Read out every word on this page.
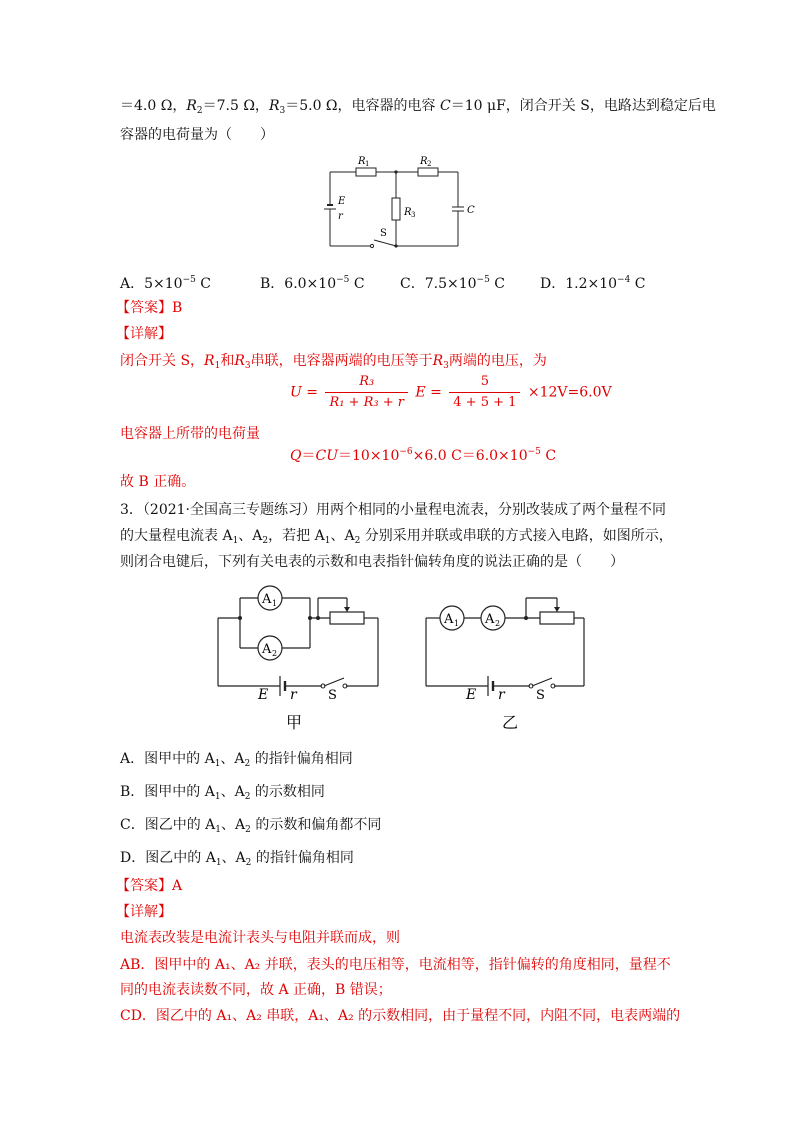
＝4.0 Ω，$R_2=7.5$ Ω，$R_3=5.0$ Ω，电容器的电容 C＝10 μF，闭合开关 S，电路达到稳定后电
容器的电荷量为（　　）
R 1	R 2
R 3
E
r
S
C
A．$5\times 10^{-5}$ C	B．$6.0\times 10^{-5}$ C	C．$7.5\times 10^{-5}$ C	D．$1.2\times 10^{-4}$ C
【答案】B
【详解】
闭合开关 S，$R_1$和$R_3$串联，电容器两端的电压等于$R_3$两端的电压，为
$U = \frac{\text{R₃}}{\text{R₁ + R₃ + r}}$ $E = \frac{5}{4 + 5 + 1} \times 12V=6.0V$
电容器上所带的电荷量
$Q=CU=10\times 10^{-6}\times 6.0$ $C=6.0\times 10^{-5}$ C
故 B 正确。
3．（2021·全国高三专题练习）用两个相同的小量程电流表，分别改装成了两个量程不同
的大量程电流表 $A_1$、$A_2$，若把 $A_1$、$A_2$ 分别采用并联或串联的方式接入电路，如图所示，
则闭合电键后，下列有关电表的示数和电表指针偏转角度的说法正确的是（　　）
A 1
A 2
E r S
甲
A 1 A 2
E r S
乙
A．图甲中的 $A_1$、$A_2$ 的指针偏角相同
B．图甲中的 $A_1$、$A_2$ 的示数相同
C．图乙中的 $A_1$、$A_2$ 的示数和偏角都不同
D．图乙中的 $A_1$、$A_2$ 的指针偏角相同
【答案】A
【详解】
电流表改装是电流计表头与电阻并联而成，则
AB．图甲中的 A₁、A₂ 并联，表头的电压相等，电流相等，指针偏转的角度相同，量程不
同的电流表读数不同，故 A 正确，B 错误；
CD．图乙中的 A₁、A₂ 串联，A₁、A₂ 的示数相同，由于量程不同，内阻不同，电表两端的
